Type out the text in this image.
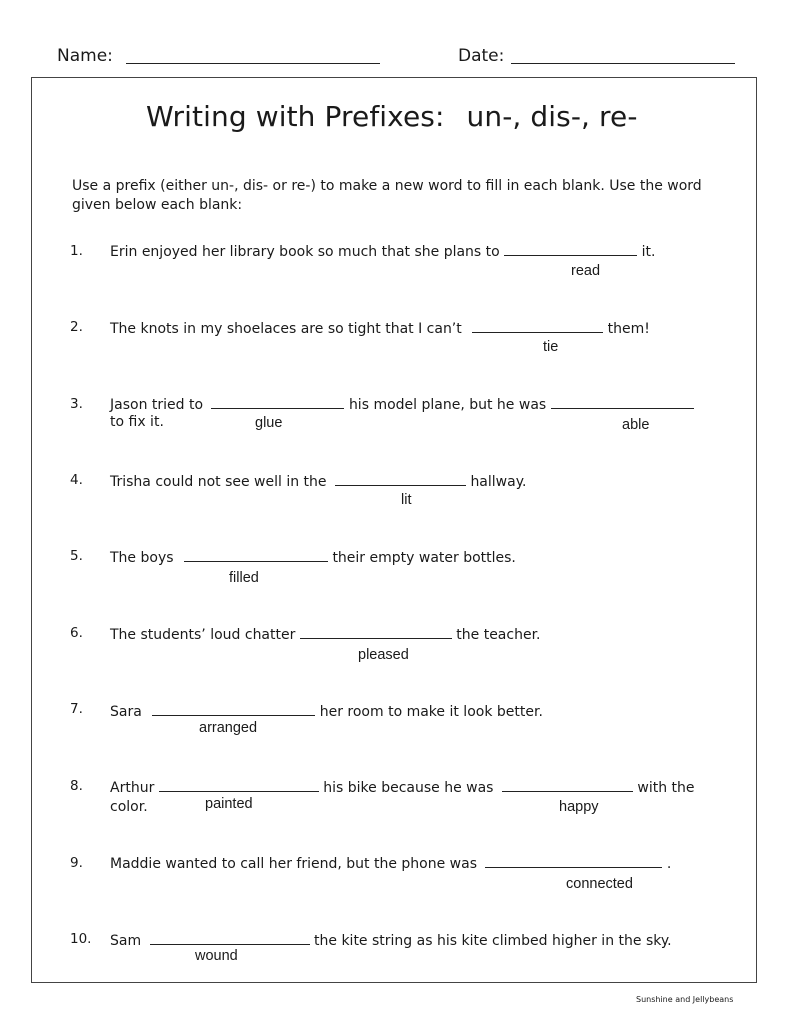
Name:	Date:
Writing with Prefixes: un-, dis-, re-
Use a prefix (either un-, dis- or re-) to make a new word to fill in each blank. Use the word given below each blank:
1. Erin enjoyed her library book so much that she plans to	it.
read
2. The knots in my shoelaces are so tight that I can’t	them!
tie
3. Jason tried to	his model plane, but he was
to fix it.	glue	able
4. Trisha could not see well in the	hallway.
lit
5. The boys	their empty water bottles.
filled
6. The students’ loud chatter	the teacher.
pleased
7. Sara	her room to make it look better.
arranged
8. Arthur	his bike because he was	with the
color.	painted	happy
9. Maddie wanted to call her friend, but the phone was	.
connected
10. Sam	the kite string as his kite climbed higher in the sky.
wound
Sunshine and Jellybeans
